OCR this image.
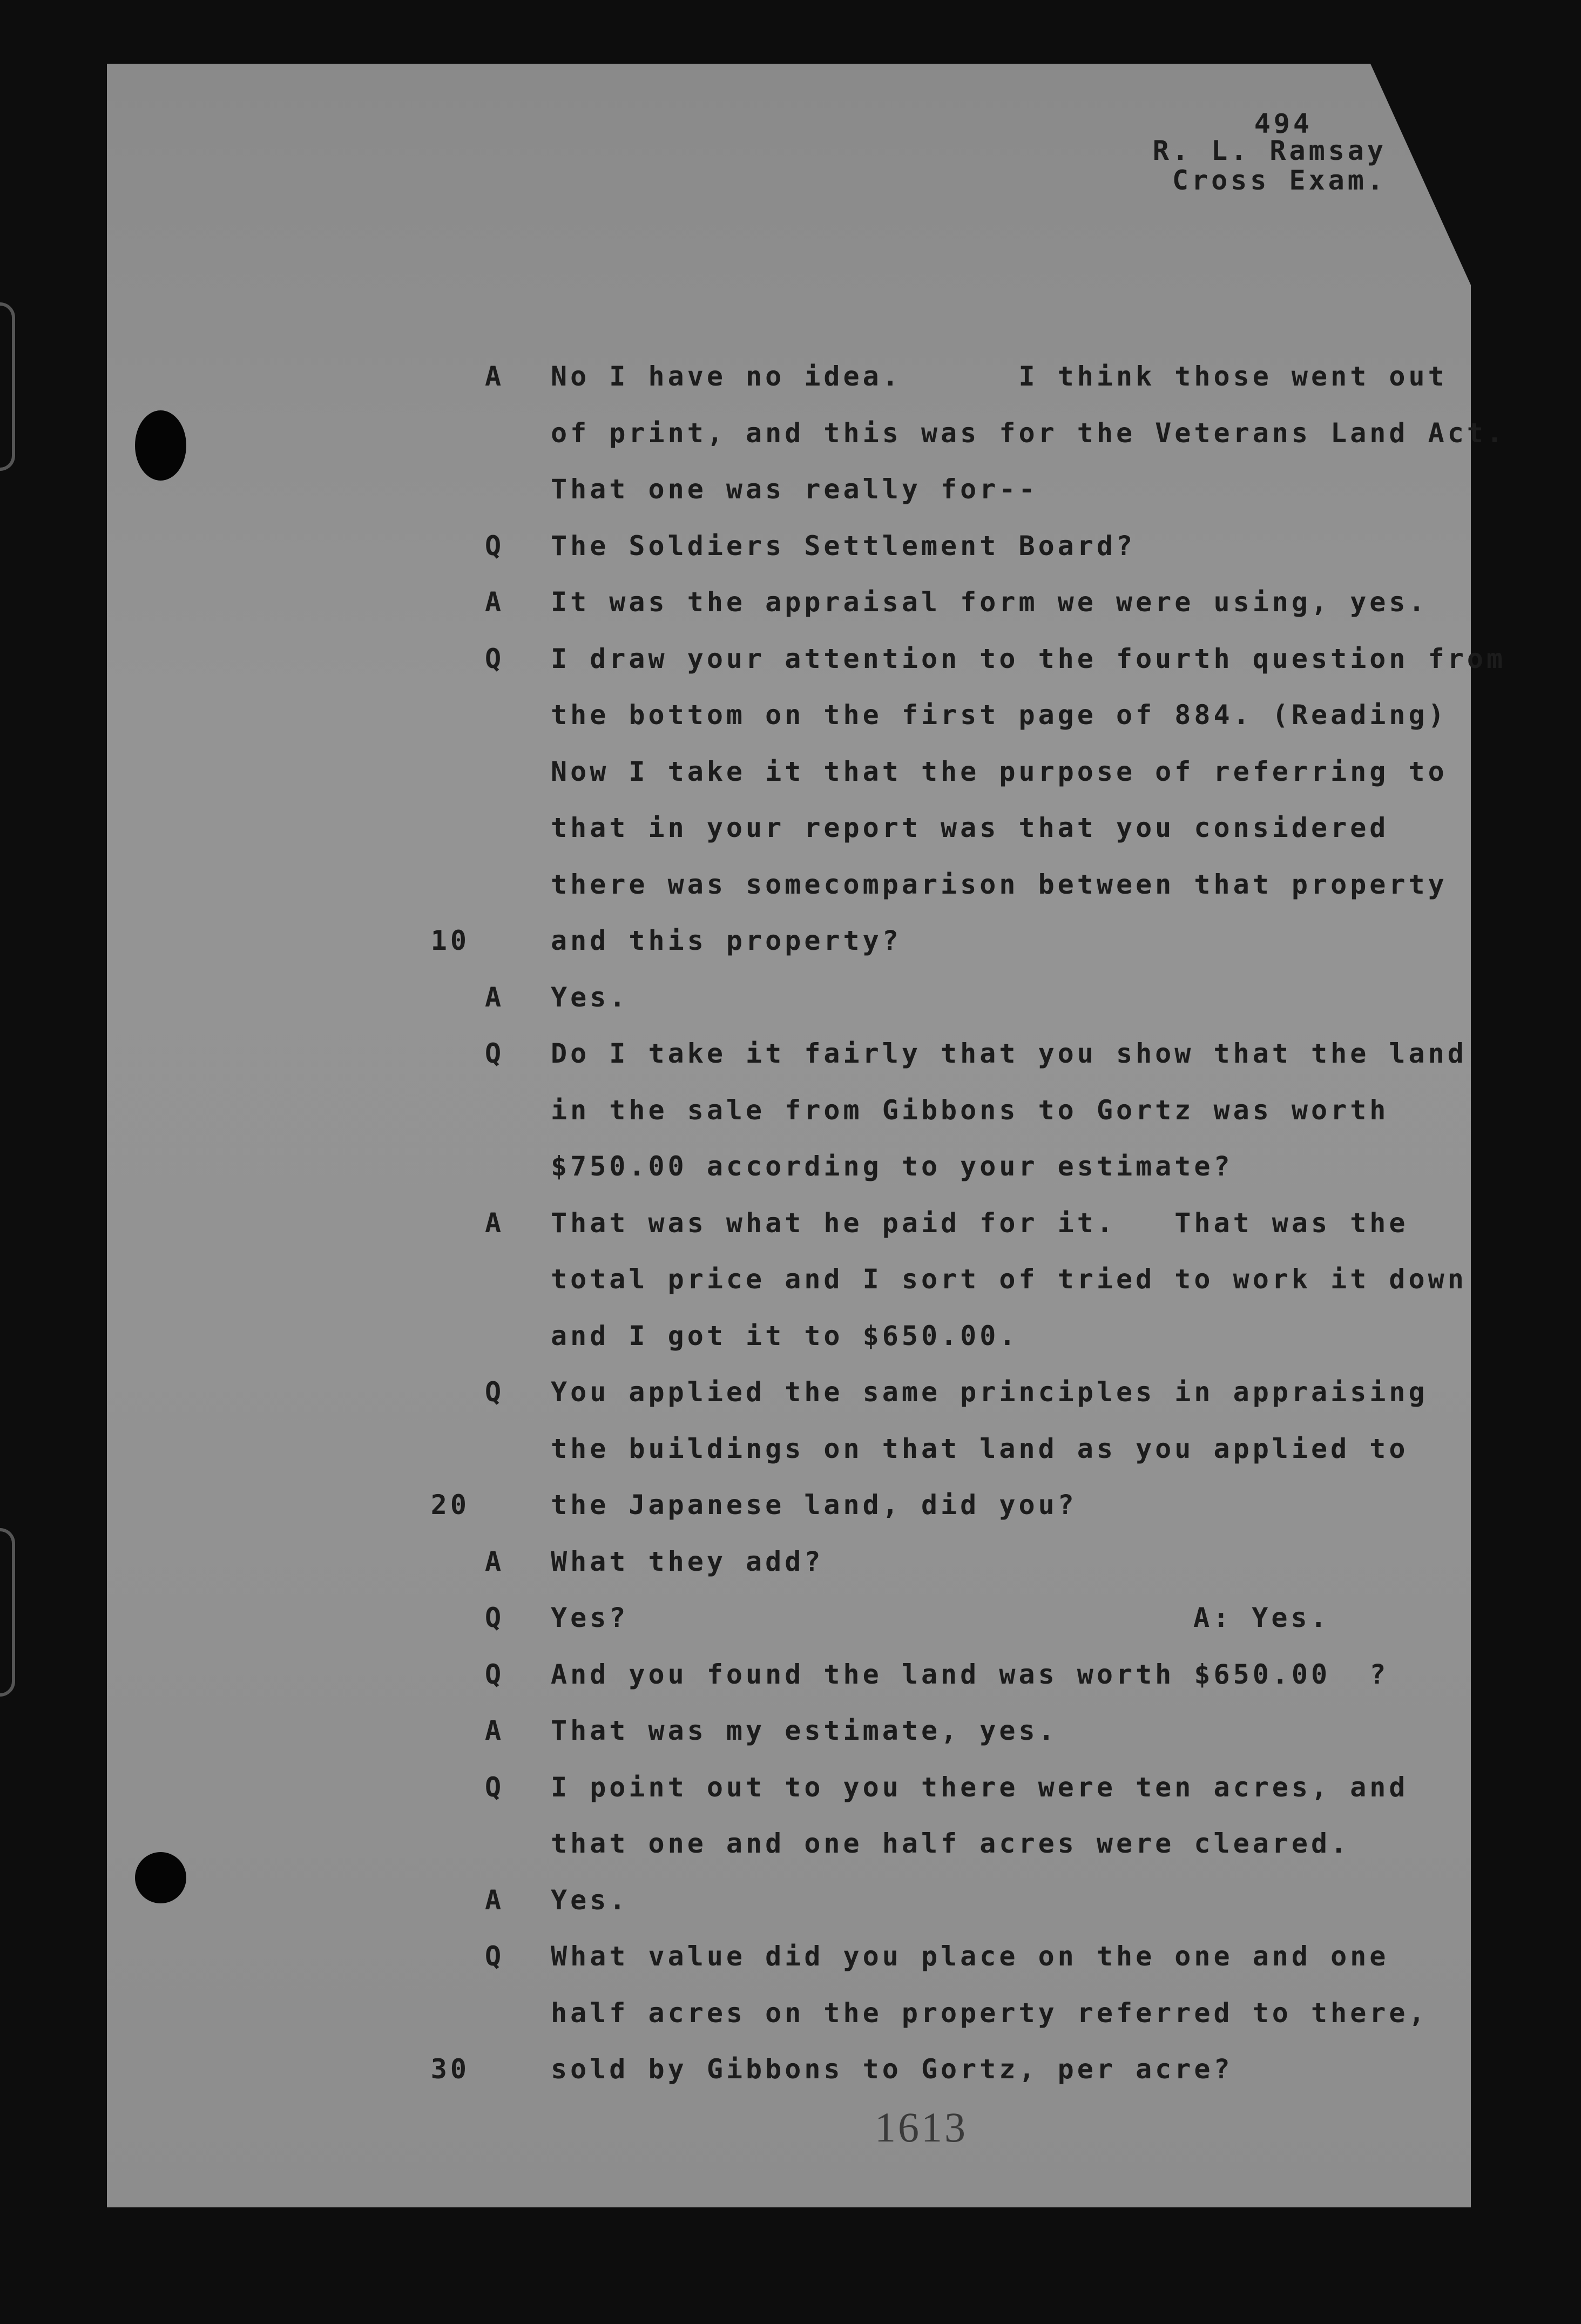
494
R. L. Ramsay
Cross Exam.
A	No I have no idea.      I think those went out
of print, and this was for the Veterans Land Act.
That one was really for--
Q	The Soldiers Settlement Board?
A	It was the appraisal form we were using, yes.
Q	I draw your attention to the fourth question from
the bottom on the first page of 884. (Reading)
Now I take it that the purpose of referring to
that in your report was that you considered
there was somecomparison between that property
10	and this property?
A	Yes.
Q	Do I take it fairly that you show that the land
in the sale from Gibbons to Gortz was worth
$750.00 according to your estimate?
A	That was what he paid for it.   That was the
total price and I sort of tried to work it down
and I got it to $650.00.
Q	You applied the same principles in appraising
the buildings on that land as you applied to
20	the Japanese land, did you?
A	What they add?
Q	Yes?	A: Yes.
Q	And you found the land was worth $650.00  ?
A	That was my estimate, yes.
Q	I point out to you there were ten acres, and
that one and one half acres were cleared.
A	Yes.
Q	What value did you place on the one and one
half acres on the property referred to there,
30	sold by Gibbons to Gortz, per acre?
1613
